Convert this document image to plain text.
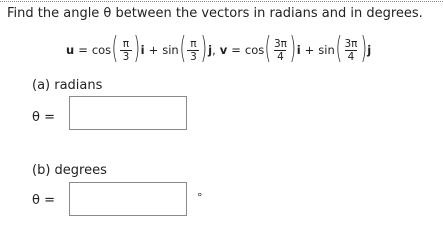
Find the angle θ between the vectors in radians and in degrees.
u = cos ( $\frac{\pi}{3}$ ) i + sin ( $\frac{\pi}{3}$ ) j , v = cos ( $\frac{3\pi}{4}$ ) i + sin ( $\frac{3\pi}{4}$ ) j
(a) radians
θ =
(b) degrees
θ =	°
